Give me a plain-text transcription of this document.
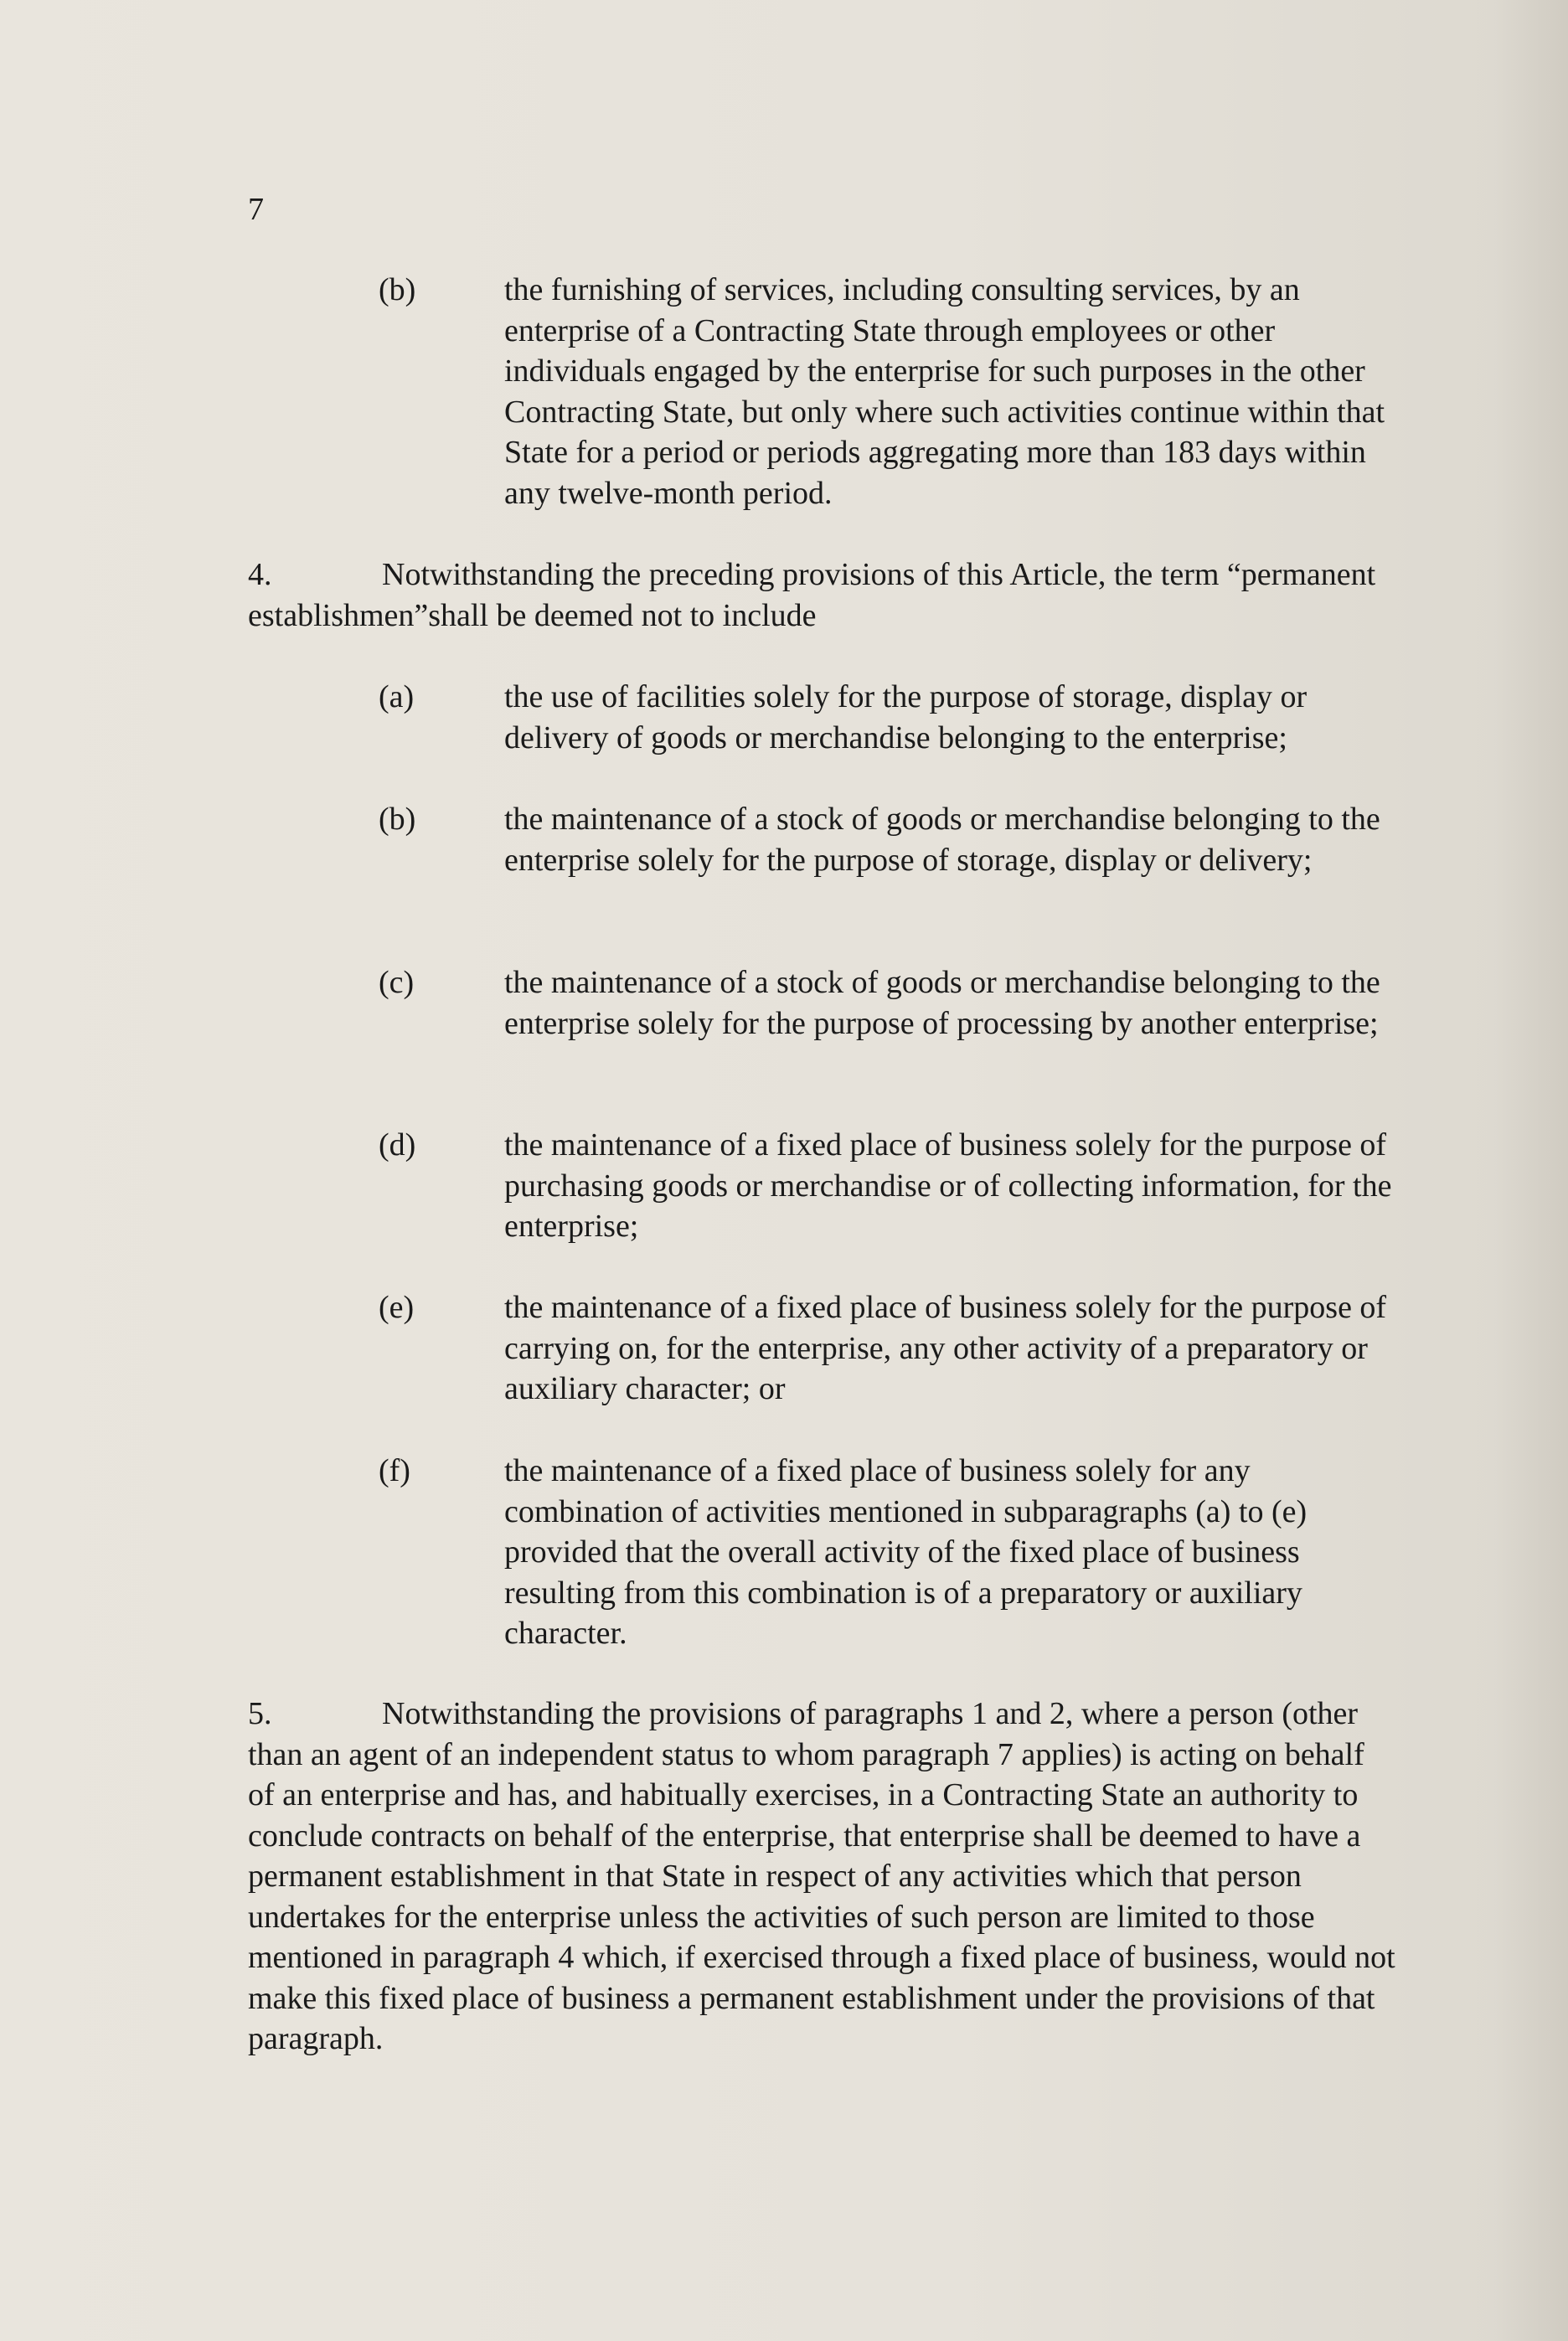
7
(b)	the furnishing of services, including consulting services, by an enterprise of a Contracting State through employees or other individuals engaged by the enterprise for such purposes in the other Contracting State, but only where such activities continue within that State for a period or periods aggregating more than 183 days within any twelve-month period.
4.	Notwithstanding the preceding provisions of this Article, the term “permanent establishmen”shall be deemed not to include
(a)	the use of facilities solely for the purpose of storage, display or delivery of goods or merchandise belonging to the enterprise;
(b)	the maintenance of a stock of goods or merchandise belonging to the enterprise solely for the purpose of storage, display or delivery;
(c)	the maintenance of a stock of goods or merchandise belonging to the enterprise solely for the purpose of processing by another enterprise;
(d)	the maintenance of a fixed place of business solely for the purpose of purchasing goods or merchandise or of collecting information, for the enterprise;
(e)	the maintenance of a fixed place of business solely for the purpose of carrying on, for the enterprise, any other activity of a preparatory or auxiliary character; or
(f)	the maintenance of a fixed place of business solely for any combination of activities mentioned in subparagraphs (a) to (e) provided that the overall activity of the fixed place of business resulting from this combination is of a preparatory or auxiliary character.
5.	Notwithstanding the provisions of paragraphs 1 and 2, where a person (other than an agent of an independent status to whom paragraph 7 applies) is acting on behalf of an enterprise and has, and habitually exercises, in a Contracting State an authority to conclude contracts on behalf of the enterprise, that enterprise shall be deemed to have a permanent establishment in that State in respect of any activities which that person undertakes for the enterprise unless the activities of such person are limited to those mentioned in paragraph 4 which, if exercised through a fixed place of business, would not make this fixed place of business a permanent establishment under the provisions of that paragraph.
